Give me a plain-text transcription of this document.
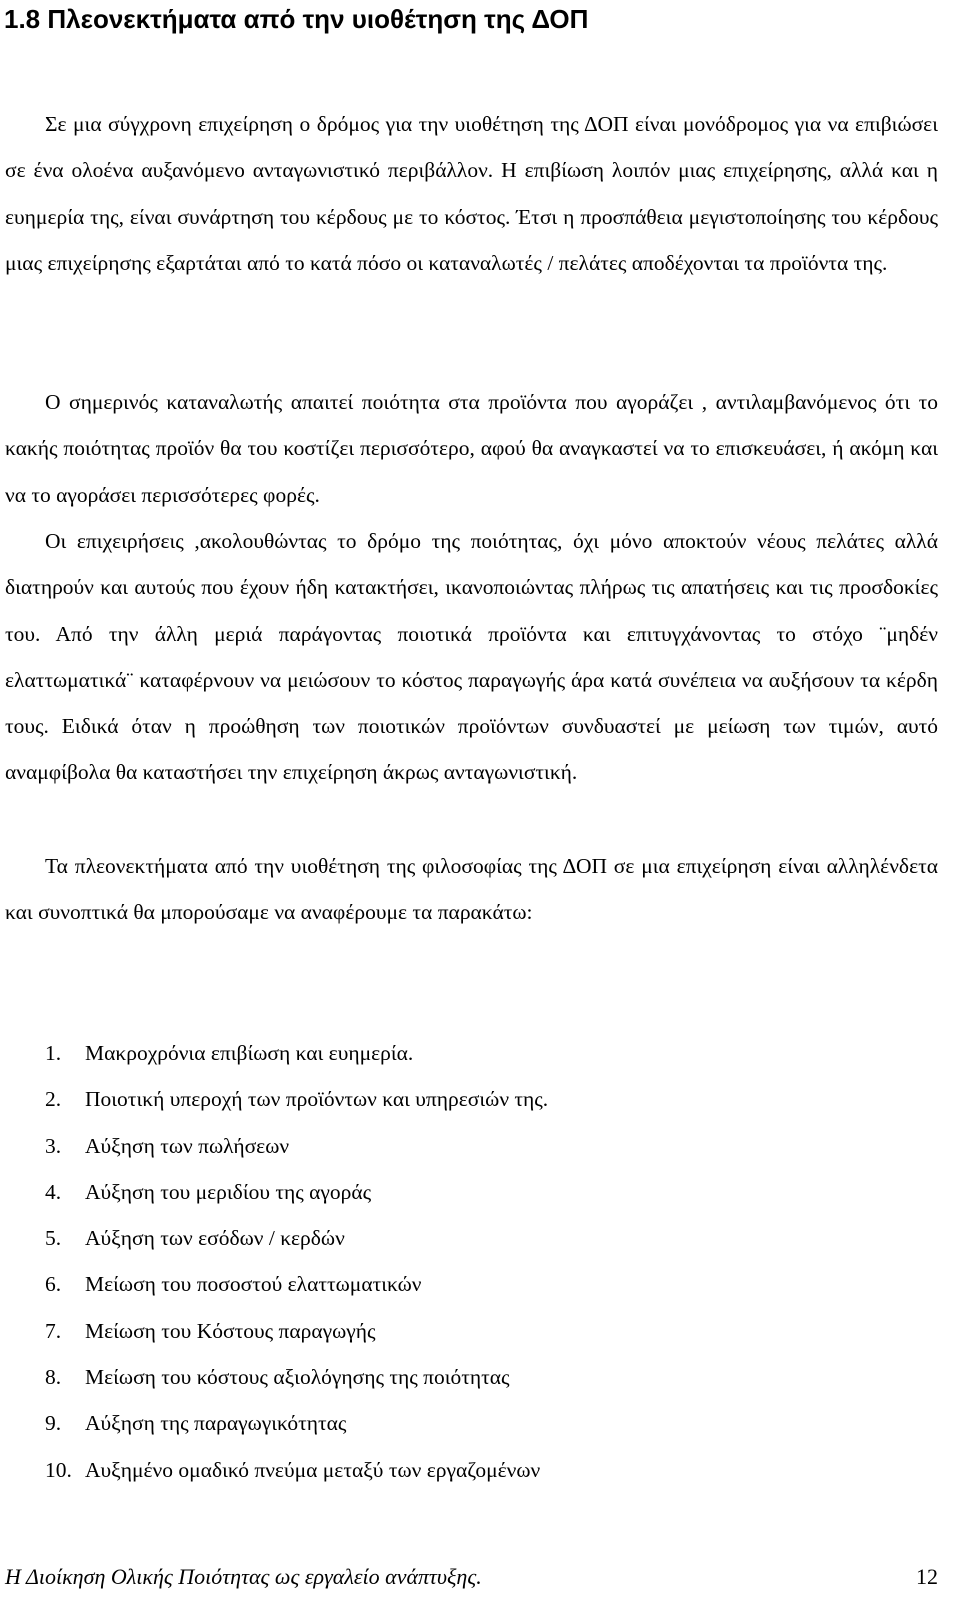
1.8 Πλεονεκτήματα από την υιοθέτηση της ΔΟΠ

Σε μια σύγχρονη επιχείρηση ο δρόμος για την υιοθέτηση της ΔΟΠ είναι μονόδρομος για να επιβιώσει σε ένα ολοένα αυξανόμενο ανταγωνιστικό περιβάλλον. Η επιβίωση λοιπόν μιας επιχείρησης, αλλά και η ευημερία της, είναι συνάρτηση του κέρδους με το κόστος. Έτσι η προσπάθεια μεγιστοποίησης του κέρδους μιας επιχείρησης εξαρτάται από το κατά πόσο οι καταναλωτές / πελάτες αποδέχονται τα προϊόντα της.

Ο σημερινός καταναλωτής απαιτεί ποιότητα στα προϊόντα που αγοράζει , αντιλαμβανόμενος ότι το κακής ποιότητας προϊόν θα του κοστίζει περισσότερο, αφού θα αναγκαστεί να το επισκευάσει, ή ακόμη και να το αγοράσει περισσότερες φορές.

Οι επιχειρήσεις ,ακολουθώντας το δρόμο της ποιότητας, όχι μόνο αποκτούν νέους πελάτες αλλά διατηρούν και αυτούς που έχουν ήδη κατακτήσει, ικανοποιώντας πλήρως τις απατήσεις και τις προσδοκίες του. Από την άλλη μεριά παράγοντας ποιοτικά προϊόντα και επιτυγχάνοντας το στόχο ¨μηδέν ελαττωματικά¨ καταφέρνουν να μειώσουν το κόστος παραγωγής άρα κατά συνέπεια να αυξήσουν τα κέρδη τους. Ειδικά όταν η προώθηση των ποιοτικών προϊόντων συνδυαστεί με μείωση των τιμών, αυτό αναμφίβολα θα καταστήσει την επιχείρηση άκρως ανταγωνιστική.

Τα πλεονεκτήματα από την υιοθέτηση της φιλοσοφίας της ΔΟΠ σε μια επιχείρηση είναι αλληλένδετα και συνοπτικά θα μπορούσαμε να αναφέρουμε τα παρακάτω:

1. Μακροχρόνια επιβίωση και ευημερία.
2. Ποιοτική υπεροχή των προϊόντων και υπηρεσιών της.
3. Αύξηση των πωλήσεων
4. Αύξηση του μεριδίου της αγοράς
5. Αύξηση των εσόδων / κερδών
6. Μείωση του ποσοστού ελαττωματικών
7. Μείωση του Κόστους παραγωγής
8. Μείωση του κόστους αξιολόγησης της ποιότητας
9. Αύξηση της παραγωγικότητας
10. Αυξημένο ομαδικό πνεύμα μεταξύ των εργαζομένων
Η Διοίκηση Ολικής Ποιότητας ως εργαλείο ανάπτυξης.	12
